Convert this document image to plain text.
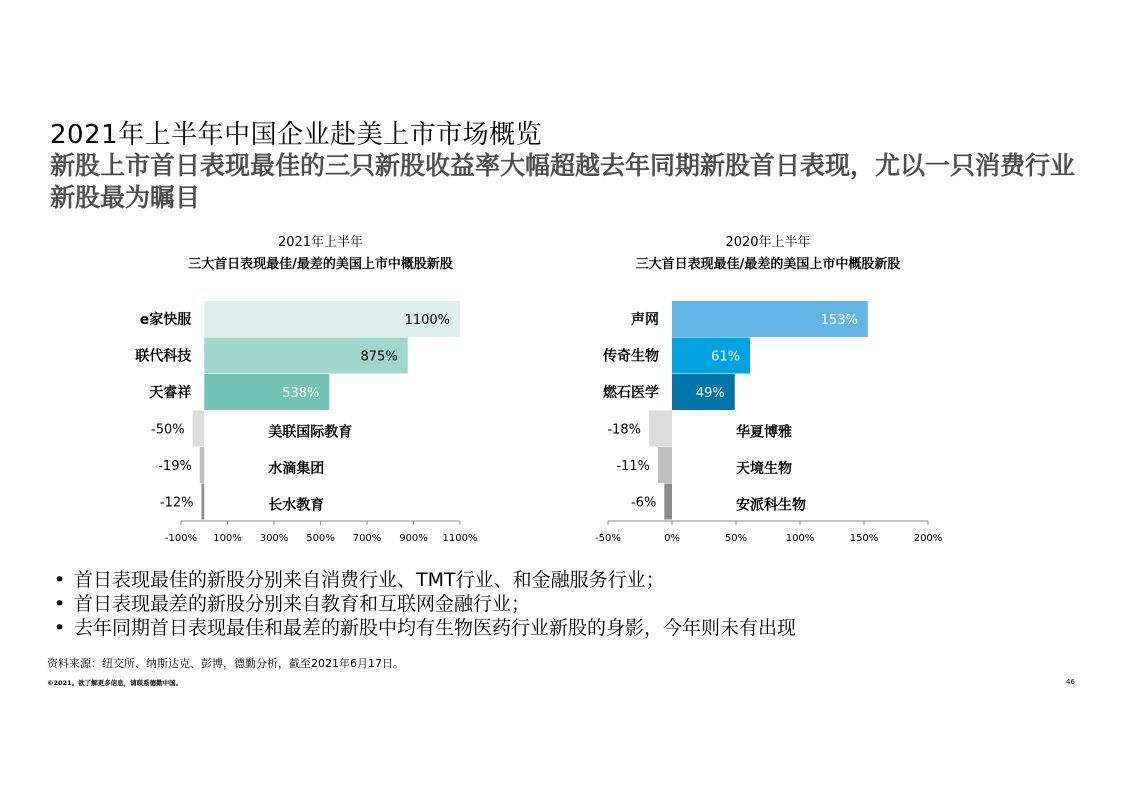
2021年上半年中国企业赴美上市市场概览
新股上市首日表现最佳的三只新股收益率大幅超越去年同期新股首日表现，尤以一只消费行业新股最为瞩目
2021年上半年
三大首日表现最佳/最差的美国上市中概股新股
e家快服	1100%
联代科技	875%
天睿祥	538%
-50%	美联国际教育
-19%	水滴集团
-12%	长水教育
-100% 100% 300% 500% 700% 900% 1100%
2020年上半年
三大首日表现最佳/最差的美国上市中概股新股
声网	153%
传奇生物	61%
燃石医学	49%
-18%	华夏博雅
-11%	天境生物
-6%	安派科生物
-50%	0%	50%	100%	150%	200%
• 首日表现最佳的新股分别来自消费行业、TMT行业、和金融服务行业；
• 首日表现最差的新股分别来自教育和互联网金融行业；
• 去年同期首日表现最佳和最差的新股中均有生物医药行业新股的身影，今年则未有出现
资料来源：纽交所、纳斯达克、彭博，德勤分析，截至2021年6月17日。
©2021。欲了解更多信息，请联系德勤中国。	46
